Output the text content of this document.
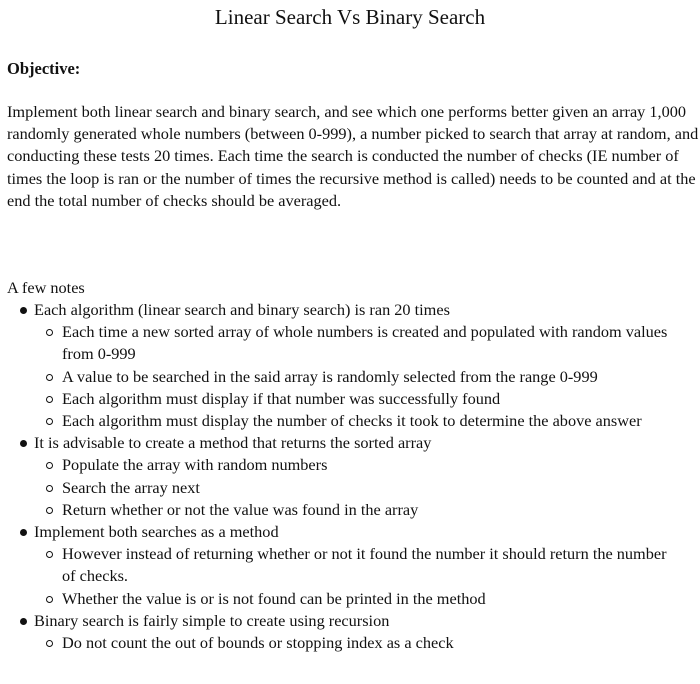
Linear Search Vs Binary Search
Objective:

Implement both linear search and binary search, and see which one performs better given an array 1,000 randomly generated whole numbers (between 0-999), a number picked to search that array at random, and conducting these tests 20 times. Each time the search is conducted the number of checks (IE number of times the loop is ran or the number of times the recursive method is called) needs to be counted and at the end the total number of checks should be averaged.

A few notes
Each algorithm (linear search and binary search) is ran 20 times
Each time a new sorted array of whole numbers is created and populated with random values from 0-999
A value to be searched in the said array is randomly selected from the range 0-999
Each algorithm must display if that number was successfully found
Each algorithm must display the number of checks it took to determine the above answer
It is advisable to create a method that returns the sorted array
Populate the array with random numbers
Search the array next
Return whether or not the value was found in the array
Implement both searches as a method
However instead of returning whether or not it found the number it should return the number of checks.
Whether the value is or is not found can be printed in the method
Binary search is fairly simple to create using recursion
Do not count the out of bounds or stopping index as a check
